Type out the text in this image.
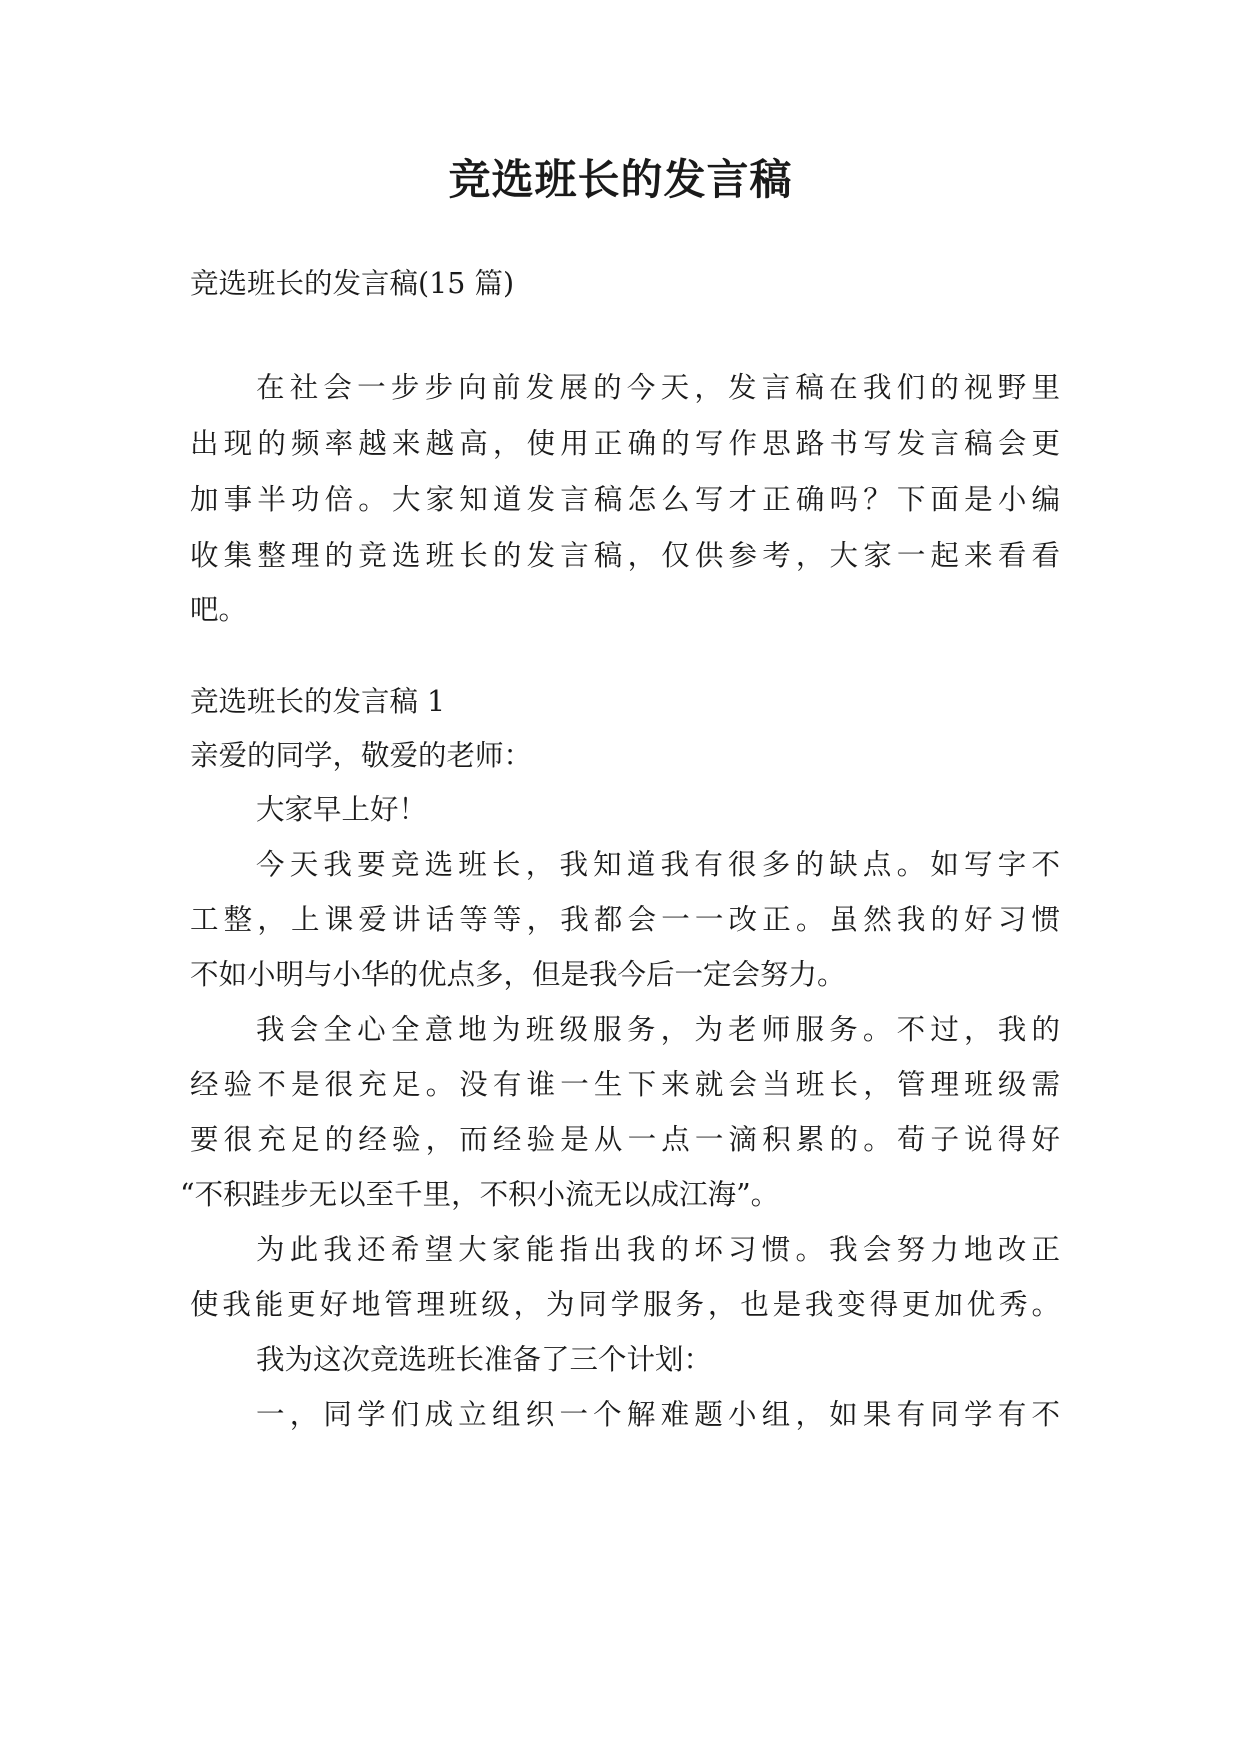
竞选班长的发言稿
竞选班长的发言稿(15 篇)
在社会一步步向前发展的今天，发言稿在我们的视野里
出现的频率越来越高，使用正确的写作思路书写发言稿会更
加事半功倍。大家知道发言稿怎么写才正确吗？下面是小编
收集整理的竞选班长的发言稿，仅供参考，大家一起来看看
吧。
竞选班长的发言稿 1
亲爱的同学，敬爱的老师：
大家早上好！
今天我要竞选班长，我知道我有很多的缺点。如写字不
工整，上课爱讲话等等，我都会一一改正。虽然我的好习惯
不如小明与小华的优点多，但是我今后一定会努力。
我会全心全意地为班级服务，为老师服务。不过，我的
经验不是很充足。没有谁一生下来就会当班长，管理班级需
要很充足的经验，而经验是从一点一滴积累的。荀子说得好
“不积跬步无以至千里，不积小流无以成江海”。
为此我还希望大家能指出我的坏习惯。我会努力地改正
使我能更好地管理班级，为同学服务，也是我变得更加优秀。
我为这次竞选班长准备了三个计划：
一，同学们成立组织一个解难题小组，如果有同学有不
